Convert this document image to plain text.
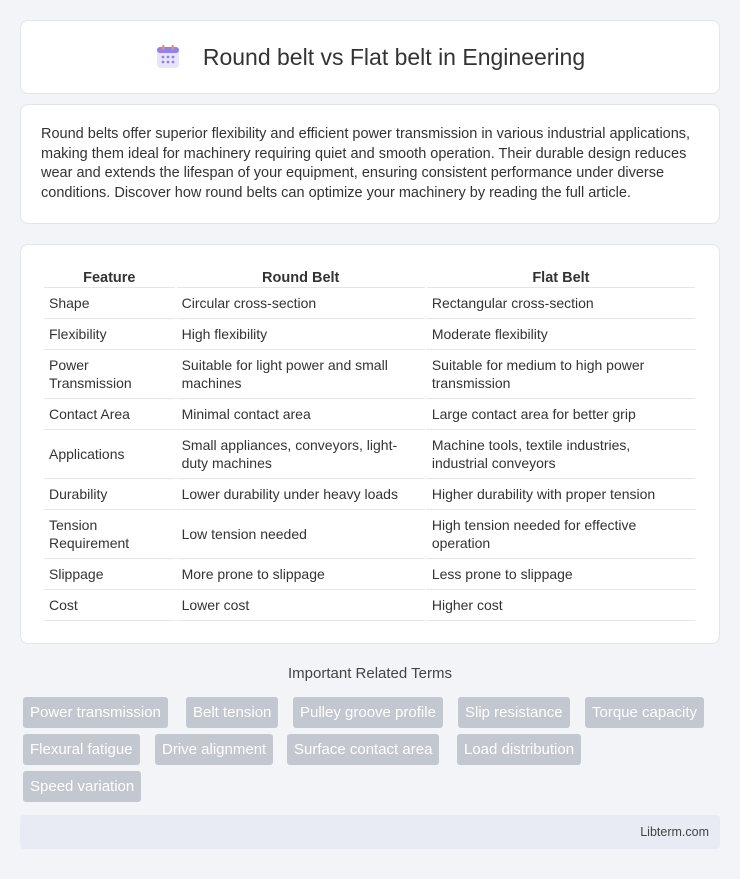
Round belt vs Flat belt in Engineering

Round belts offer superior flexibility and efficient power transmission in various industrial applications, making them ideal for machinery requiring quiet and smooth operation. Their durable design reduces wear and extends the lifespan of your equipment, ensuring consistent performance under diverse conditions. Discover how round belts can optimize your machinery by reading the full article.

Feature	Round Belt	Flat Belt
Shape	Circular cross-section	Rectangular cross-section
Flexibility	High flexibility	Moderate flexibility
Power Transmission	Suitable for light power and small machines	Suitable for medium to high power transmission
Contact Area	Minimal contact area	Large contact area for better grip
Applications	Small appliances, conveyors, light-duty machines	Machine tools, textile industries, industrial conveyors
Durability	Lower durability under heavy loads	Higher durability with proper tension
Tension Requirement	Low tension needed	High tension needed for effective operation
Slippage	More prone to slippage	Less prone to slippage
Cost	Lower cost	Higher cost
Important Related Terms
Power transmission	Belt tension	Pulley groove profile	Slip resistance	Torque capacity
Flexural fatigue	Drive alignment	Surface contact area	Load distribution
Speed variation
Libterm.com
